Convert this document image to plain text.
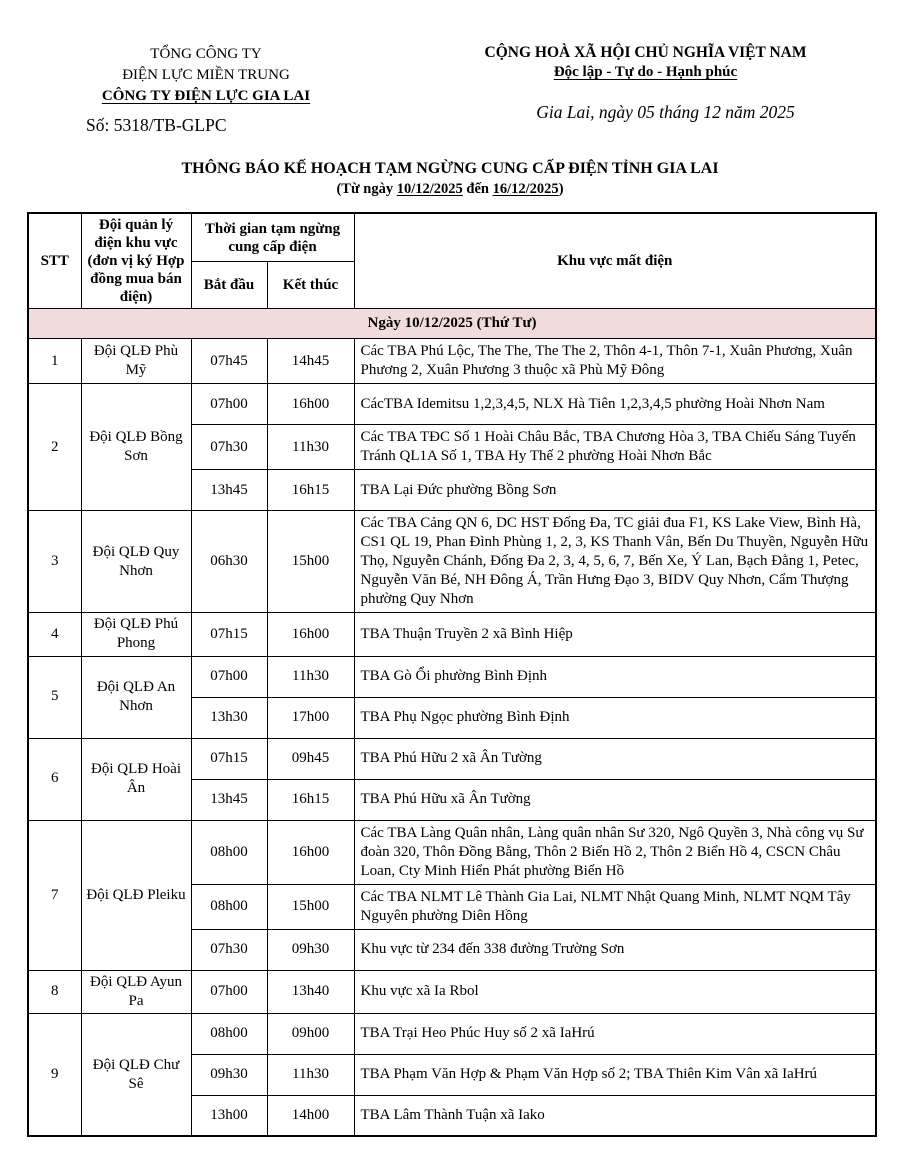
TỔNG CÔNG TY
ĐIỆN LỰC MIỀN TRUNG
CÔNG TY ĐIỆN LỰC GIA LAI
Số: 5318/TB-GLPC
CỘNG HOÀ XÃ HỘI CHỦ NGHĨA VIỆT NAM
Độc lập - Tự do - Hạnh phúc
Gia Lai, ngày 05 tháng 12 năm 2025
THÔNG BÁO KẾ HOẠCH TẠM NGỪNG CUNG CẤP ĐIỆN TỈNH GIA LAI
(Từ ngày 10/12/2025 đến 16/12/2025)
STT	Đội quản lý điện khu vực (đơn vị ký Hợp đồng mua bán điện)	Thời gian tạm ngừng cung cấp điện		Khu vực mất điện
		Bắt đầu	Kết thúc	
Ngày 10/12/2025 (Thứ Tư)				
1	Đội QLĐ Phù Mỹ	07h45	14h45	Các TBA Phú Lộc, The The, The The 2, Thôn 4-1, Thôn 7-1, Xuân Phương, Xuân Phương 2, Xuân Phương 3 thuộc xã Phù Mỹ Đông
2	Đội QLĐ Bồng Sơn	07h00	16h00	CácTBA Idemitsu 1,2,3,4,5, NLX Hà Tiên 1,2,3,4,5 phường Hoài Nhơn Nam
		07h30	11h30	Các TBA TĐC Số 1 Hoài Châu Bắc, TBA Chương Hòa 3, TBA Chiếu Sáng Tuyến Tránh QL1A Số 1, TBA Hy Thế 2 phường Hoài Nhơn Bắc
		13h45	16h15	TBA Lại Đức phường Bồng Sơn
3	Đội QLĐ Quy Nhơn	06h30	15h00	Các TBA Cảng QN 6, DC HST Đống Đa, TC giải đua F1, KS Lake View, Bình Hà, CS1 QL 19, Phan Đình Phùng 1, 2, 3, KS Thanh Vân, Bến Du Thuyền, Nguyễn Hữu Thọ, Nguyễn Chánh, Đống Đa 2, 3, 4, 5, 6, 7, Bến Xe, Ý Lan, Bạch Đằng 1, Petec, Nguyễn Văn Bé, NH Đông Á, Trần Hưng Đạo 3, BIDV Quy Nhơn, Cẩm Thượng phường Quy Nhơn
4	Đội QLĐ Phú Phong	07h15	16h00	TBA Thuận Truyền 2 xã Bình Hiệp
5	Đội QLĐ An Nhơn	07h00	11h30	TBA Gò Ổi phường Bình Định
		13h30	17h00	TBA Phụ Ngọc phường Bình Định
6	Đội QLĐ Hoài Ân	07h15	09h45	TBA Phú Hữu 2 xã Ân Tường
		13h45	16h15	TBA Phú Hữu xã Ân Tường
7	Đội QLĐ Pleiku	08h00	16h00	Các TBA Làng Quân nhân, Làng quân nhân Sư 320, Ngô Quyền 3, Nhà công vụ Sư đoàn 320, Thôn Đồng Bằng, Thôn 2 Biển Hồ 2, Thôn 2 Biển Hồ 4, CSCN Châu Loan, Cty Minh Hiển Phát phường Biển Hồ
		08h00	15h00	Các TBA NLMT Lê Thành Gia Lai, NLMT Nhật Quang Minh, NLMT NQM Tây Nguyên phường Diên Hồng
		07h30	09h30	Khu vực từ 234 đến 338 đường Trường Sơn
8	Đội QLĐ Ayun Pa	07h00	13h40	Khu vực xã Ia Rbol
9	Đội QLĐ Chư Sê	08h00	09h00	TBA Trại Heo Phúc Huy số 2 xã IaHrú
		09h30	11h30	TBA Phạm Văn Hợp & Phạm Văn Hợp số 2; TBA Thiên Kim Vân xã IaHrú
		13h00	14h00	TBA Lâm Thành Tuận xã Iako
